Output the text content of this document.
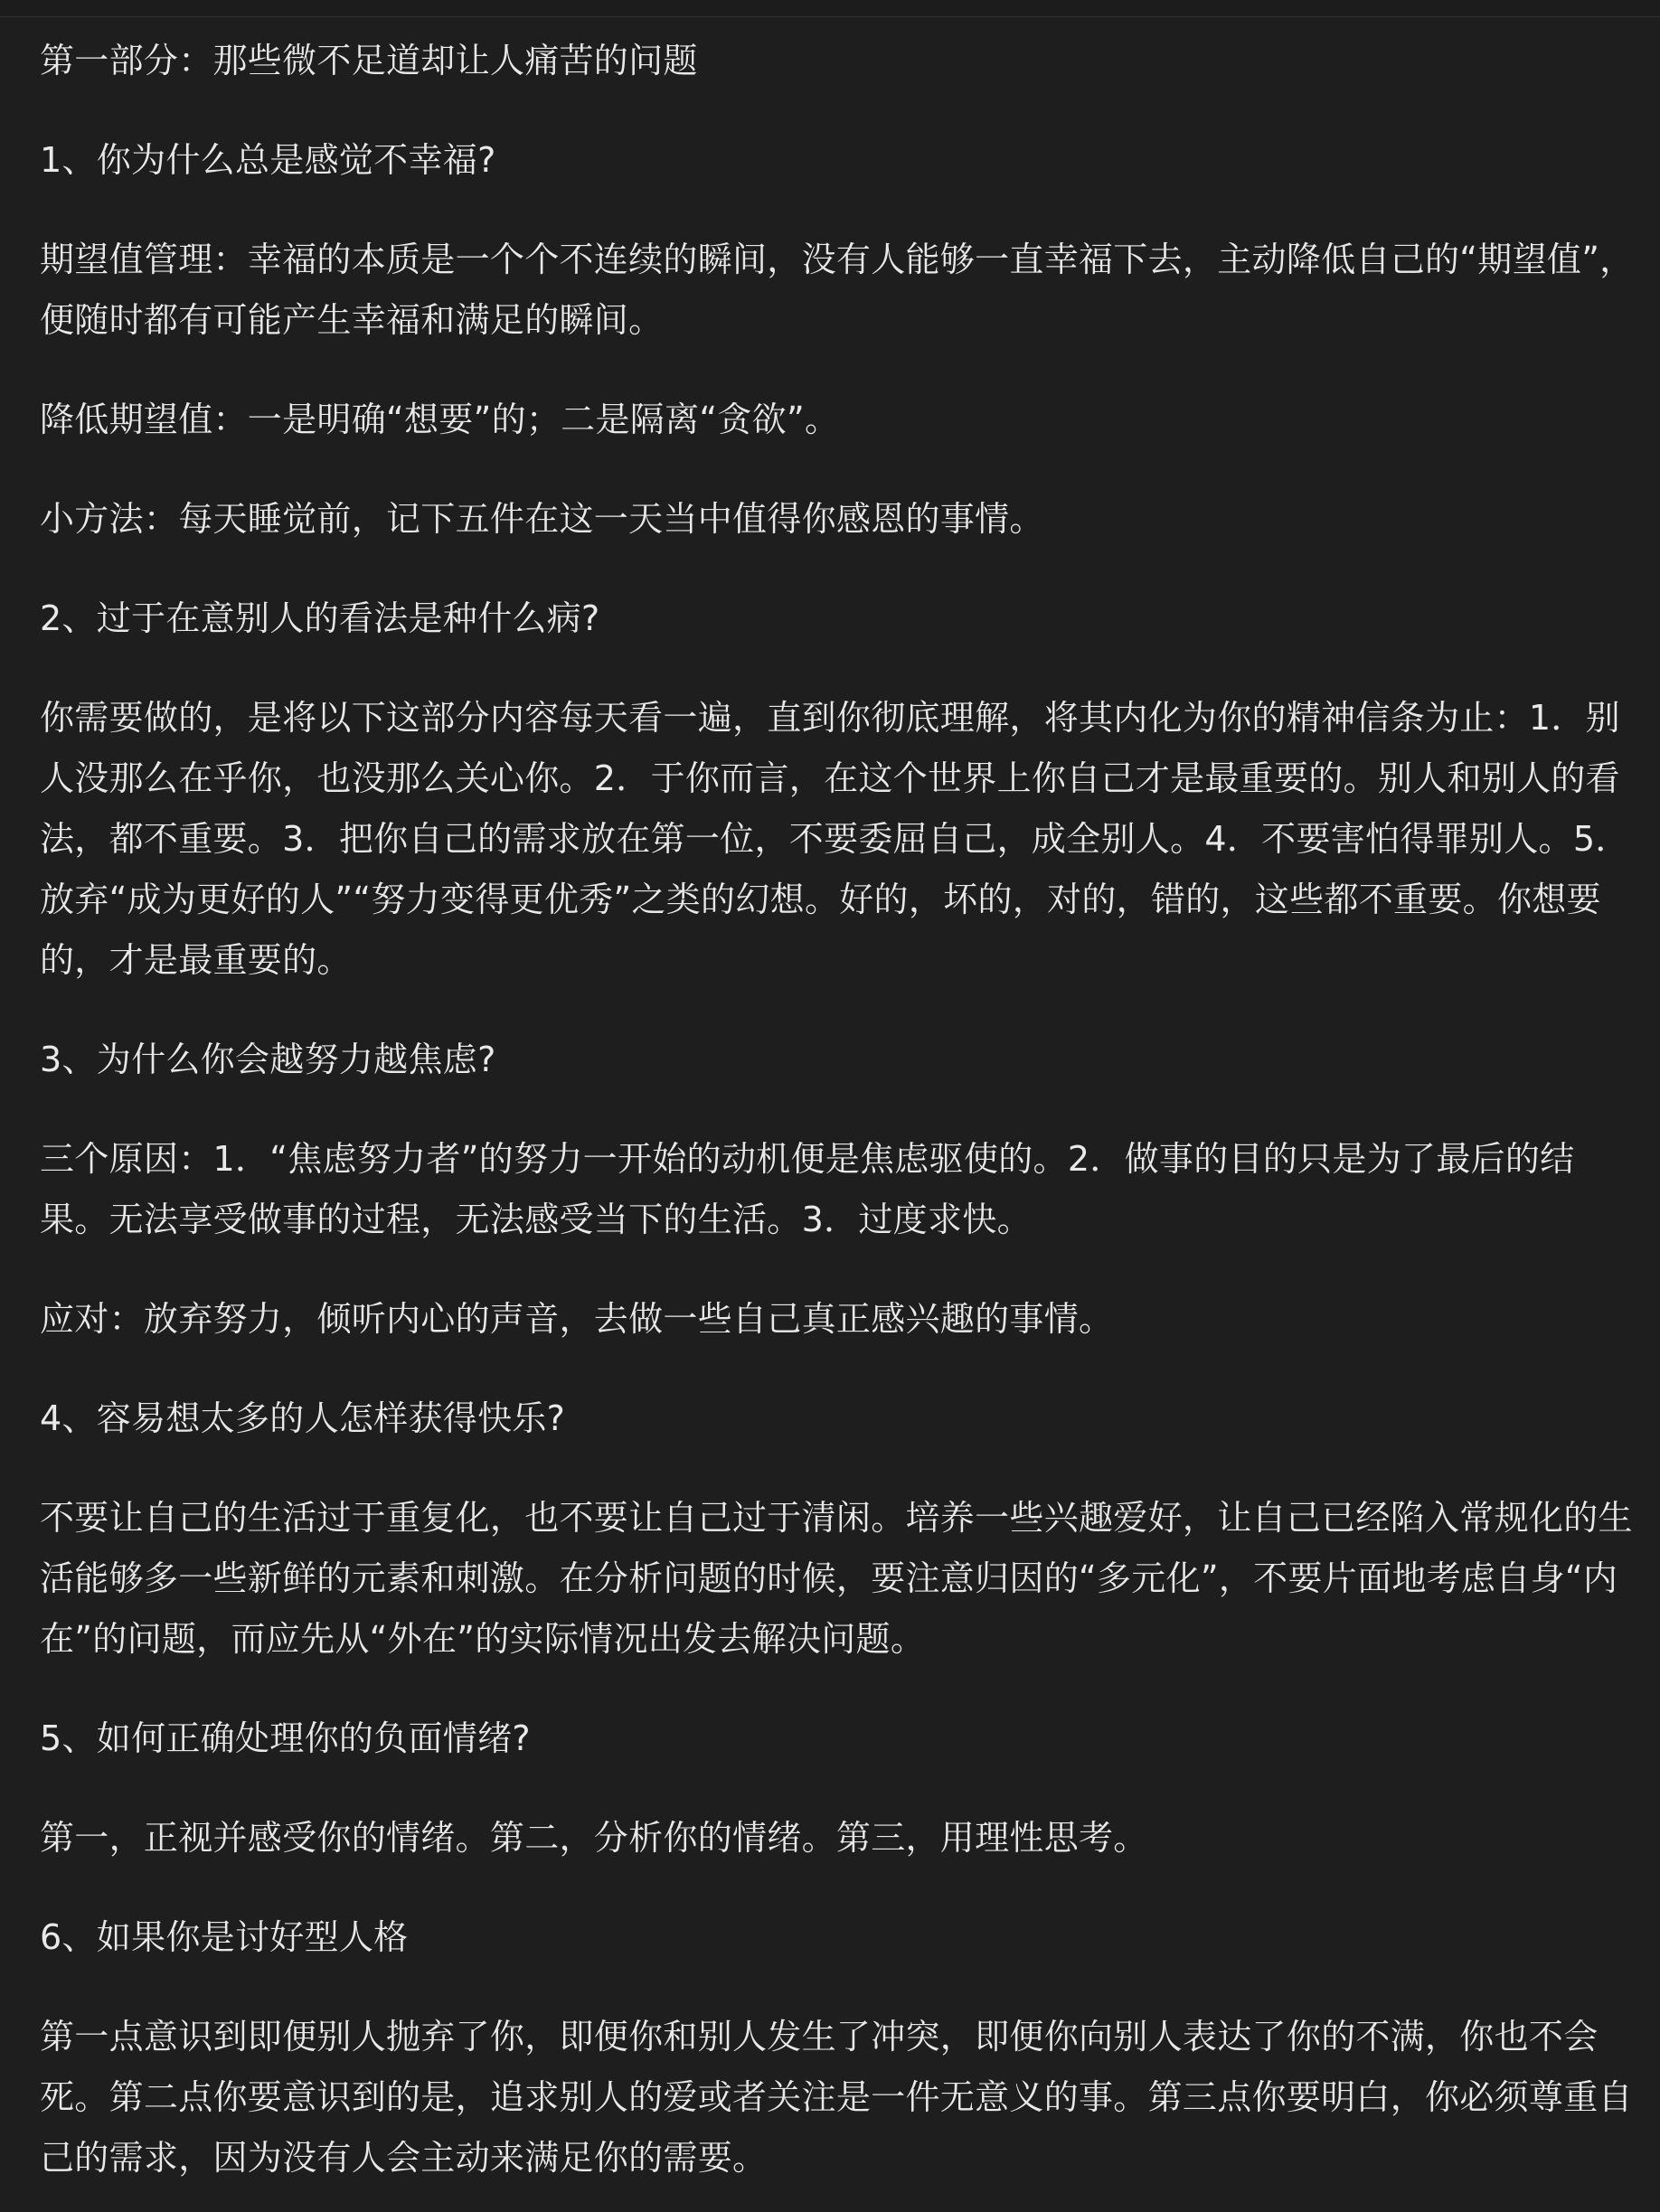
第一部分：那些微不足道却让人痛苦的问题

1、你为什么总是感觉不幸福?

期望值管理：幸福的本质是一个个不连续的瞬间，没有人能够一直幸福下去，主动降低自己的“期望值”，便随时都有可能产生幸福和满足的瞬间。

降低期望值：一是明确“想要”的；二是隔离“贪欲”。

小方法：每天睡觉前，记下五件在这一天当中值得你感恩的事情。

2、过于在意别人的看法是种什么病?

你需要做的，是将以下这部分内容每天看一遍，直到你彻底理解，将其内化为你的精神信条为止：1．别人没那么在乎你，也没那么关心你。2．于你而言，在这个世界上你自己才是最重要的。别人和别人的看法，都不重要。3．把你自己的需求放在第一位，不要委屈自己，成全别人。4．不要害怕得罪别人。5．放弃“成为更好的人”“努力变得更优秀”之类的幻想。好的，坏的，对的，错的，这些都不重要。你想要的，才是最重要的。

3、为什么你会越努力越焦虑?

三个原因：1．“焦虑努力者”的努力一开始的动机便是焦虑驱使的。2．做事的目的只是为了最后的结果。无法享受做事的过程，无法感受当下的生活。3．过度求快。

应对：放弃努力，倾听内心的声音，去做一些自己真正感兴趣的事情。

4、容易想太多的人怎样获得快乐?

不要让自己的生活过于重复化，也不要让自己过于清闲。培养一些兴趣爱好，让自己已经陷入常规化的生活能够多一些新鲜的元素和刺激。在分析问题的时候，要注意归因的“多元化”，不要片面地考虑自身“内在”的问题，而应先从“外在”的实际情况出发去解决问题。

5、如何正确处理你的负面情绪?

第一，正视并感受你的情绪。第二，分析你的情绪。第三，用理性思考。

6、如果你是讨好型人格

第一点意识到即便别人抛弃了你，即便你和别人发生了冲突，即便你向别人表达了你的不满，你也不会死。第二点你要意识到的是，追求别人的爱或者关注是一件无意义的事。第三点你要明白，你必须尊重自己的需求，因为没有人会主动来满足你的需要。
